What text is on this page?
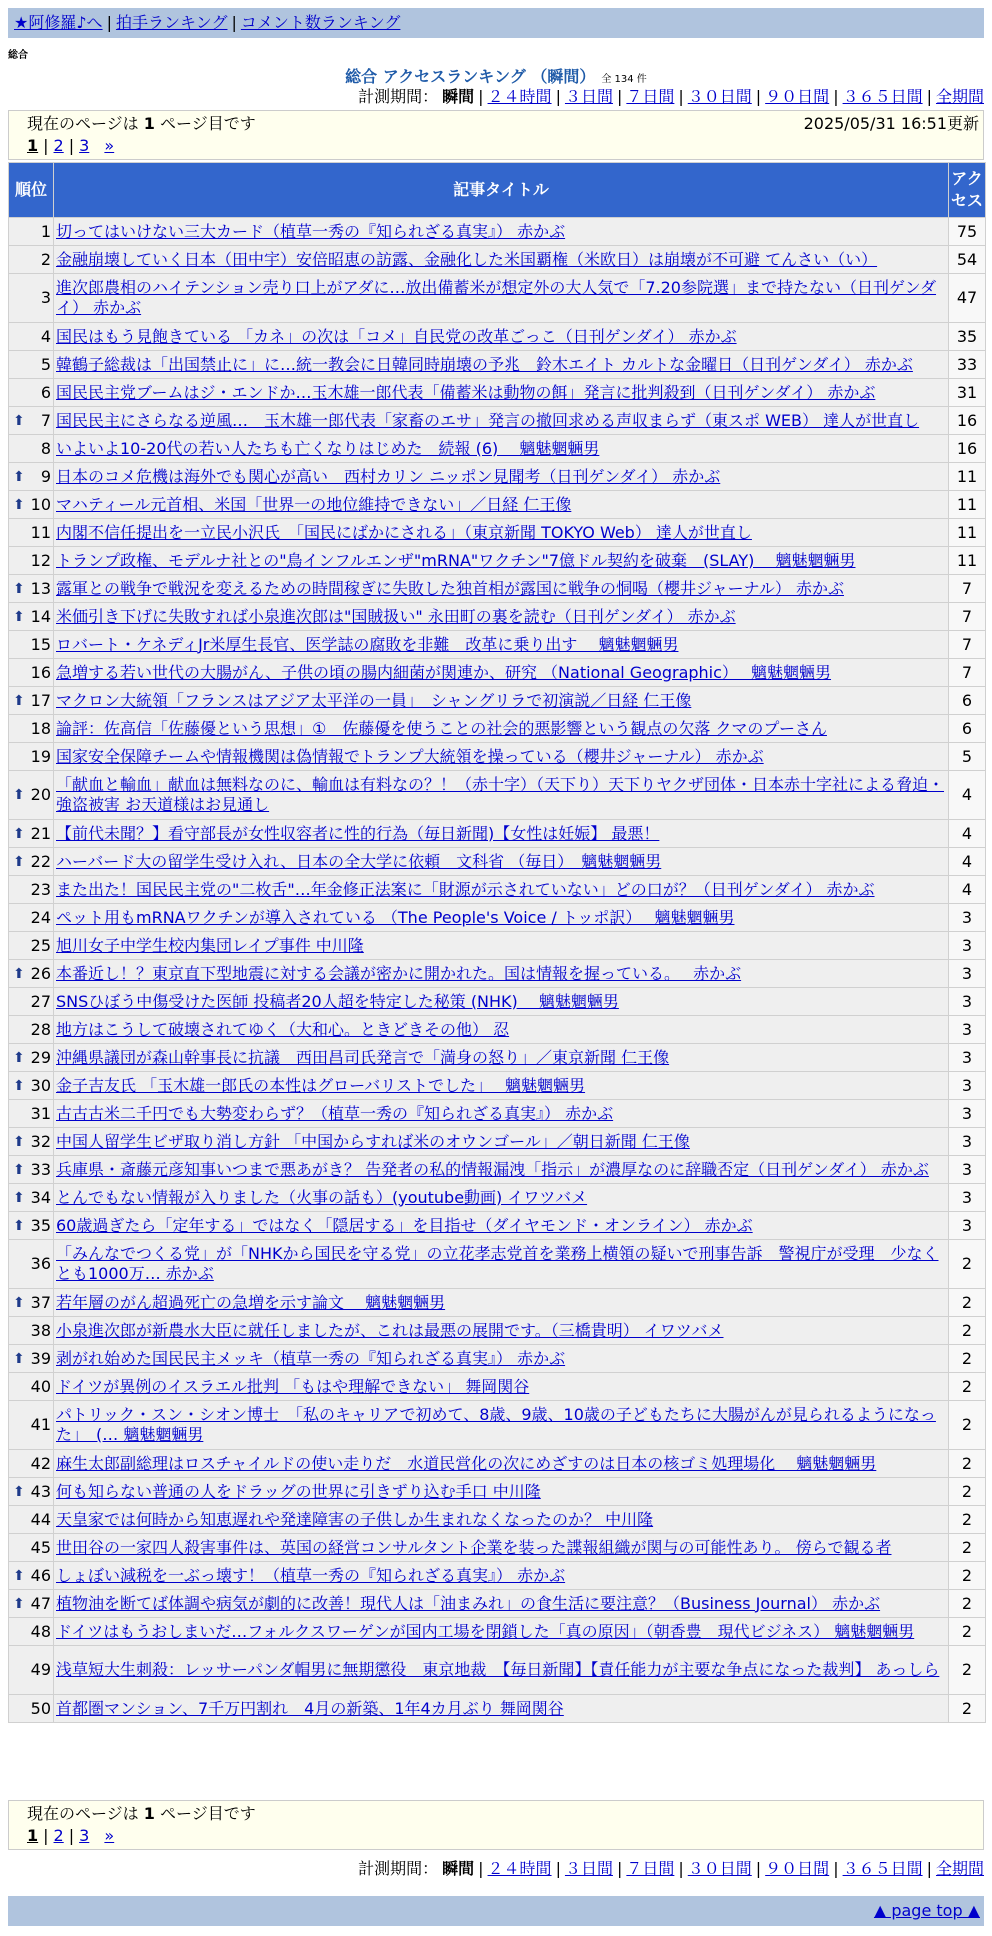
★阿修羅♪へ | 拍手ランキング | コメント数ランキング
総合
総合 アクセスランキング （瞬間） 全 134 件
計測期間： 瞬間 | ２４時間 | ３日間 | ７日間 | ３０日間 | ９０日間 | ３６５日間 | 全期間
現在のページは 1 ページ目です	2025/05/31 16:51更新
1 | 2 | 3 »
順位	記事タイトル	アクセス
1	切ってはいけない三大カード（植草一秀の『知られざる真実』） 赤かぶ	75
2	金融崩壊していく日本（田中宇）安倍昭恵の訪露、金融化した米国覇権（米欧日）は崩壊が不可避 てんさい（い）	54
3	進次郎農相のハイテンション売り口上がアダに…放出備蓄米が想定外の大人気で「7.20参院選」まで持たない（日刊ゲンダイ） 赤かぶ	47
4	国民はもう見飽きている 「カネ」の次は「コメ」自民党の改革ごっこ（日刊ゲンダイ） 赤かぶ	35
5	韓鶴子総裁は「出国禁止に」に…統一教会に日韓同時崩壊の予兆　鈴木エイト カルトな金曜日（日刊ゲンダイ） 赤かぶ	33
6	国民民主党ブームはジ・エンドか…玉木雄一郎代表「備蓄米は動物の餌」発言に批判殺到（日刊ゲンダイ） 赤かぶ	31

⬆ 7	国民民主にさらなる逆風…　玉木雄一郎代表「家畜のエサ」発言の撤回求める声収まらず（東スポ WEB） 達人が世直し	16
8	いよいよ10-20代の若い人たちも亡くなりはじめた　続報 (6)　 魑魅魍魎男	16

⬆ 9	日本のコメ危機は海外でも関心が高い　西村カリン ニッポン見聞考（日刊ゲンダイ） 赤かぶ	11

⬆ 10	マハティール元首相、米国「世界一の地位維持できない」／日経 仁王像	11
11	内閣不信任提出を一立民小沢氏　「国民にばかにされる」（東京新聞 TOKYO Web） 達人が世直し	11
12	トランプ政権、モデルナ社との"鳥インフルエンザ"mRNA"ワクチン"7億ドル契約を破棄　(SLAY)　 魑魅魍魎男	11

⬆ 13	露軍との戦争で戦況を変えるための時間稼ぎに失敗した独首相が露国に戦争の恫喝（櫻井ジャーナル） 赤かぶ	7

⬆ 14	米価引き下げに失敗すれば小泉進次郎は"国賊扱い" 永田町の裏を読む（日刊ゲンダイ） 赤かぶ	7
15	ロバート・ケネディJr米厚生長官、医学誌の腐敗を非難　改革に乗り出す　 魑魅魍魎男	7
16	急増する若い世代の大腸がん、子供の頃の腸内細菌が関連か、研究 （National Geographic）　 魑魅魍魎男	7

⬆ 17	マクロン大統領「フランスはアジア太平洋の一員」　シャングリラで初演説／日経 仁王像	6
18	論評：佐高信「佐藤優という思想」①　佐藤優を使うことの社会的悪影響という観点の欠落 クマのプーさん	6
19	国家安全保障チームや情報機関は偽情報でトランプ大統領を操っている（櫻井ジャーナル） 赤かぶ	5

⬆ 20	「献血と輸血」献血は無料なのに、輸血は有料なの？！（赤十字）（天下り）天下りヤクザ団体・日本赤十字社による脅迫・強盗被害 お天道様はお見通し	4

⬆ 21	【前代未聞？】看守部長が女性収容者に性的行為（毎日新聞)【女性は妊娠】 最悪！	4

⬆ 22	ハーバード大の留学生受け入れ、日本の全大学に依頼　文科省 （毎日）　魑魅魍魎男	4
23	また出た！国民民主党の"二枚舌"…年金修正法案に「財源が示されていない」どの口が？（日刊ゲンダイ） 赤かぶ	4
24	ペット用もmRNAワクチンが導入されている （The People's Voice / トッポ訳）　 魑魅魍魎男	3
25	旭川女子中学生校内集団レイプ事件 中川隆	3

⬆ 26	本番近し！？東京直下型地震に対する会議が密かに開かれた。国は情報を握っている。　 赤かぶ	3
27	SNSひぼう中傷受けた医師 投稿者20人超を特定した秘策 (NHK)　 魑魅魍魎男	3
28	地方はこうして破壊されてゆく（大和心。ときどきその他） 忍	3

⬆ 29	沖縄県議団が森山幹事長に抗議　西田昌司氏発言で「満身の怒り」／東京新聞 仁王像	3

⬆ 30	金子吉友氏 「玉木雄一郎氏の本性はグローバリストでした」　 魑魅魍魎男	3
31	古古古米二千円でも大勢変わらず？（植草一秀の『知られざる真実』） 赤かぶ	3

⬆ 32	中国人留学生ビザ取り消し方針 「中国からすれば米のオウンゴール」／朝日新聞 仁王像	3

⬆ 33	兵庫県・斎藤元彦知事いつまで悪あがき？ 告発者の私的情報漏洩「指示」が濃厚なのに辞職否定（日刊ゲンダイ） 赤かぶ	3

⬆ 34	とんでもない情報が入りました（火事の話も）(youtube動画) イワツバメ	3

⬆ 35	60歳過ぎたら「定年する」ではなく「隠居する」を目指せ（ダイヤモンド・オンライン） 赤かぶ	3
36	「みんなでつくる党」が「NHKから国民を守る党」の立花孝志党首を業務上横領の疑いで刑事告訴　警視庁が受理　少なくとも1000万… 赤かぶ	2

⬆ 37	若年層のがん超過死亡の急増を示す論文　 魑魅魍魎男	2
38	小泉進次郎が新農水大臣に就任しましたが、これは最悪の展開です。（三橋貴明） イワツバメ	2

⬆ 39	剥がれ始めた国民民主メッキ（植草一秀の『知られざる真実』） 赤かぶ	2
40	ドイツが異例のイスラエル批判 「もはや理解できない」 舞岡関谷	2
41	パトリック・スン・シオン博士　「私のキャリアで初めて、8歳、9歳、10歳の子どもたちに大腸がんが見られるようになった」　(… 魑魅魍魎男	2
42	麻生太郎副総理はロスチャイルドの使い走りだ　水道民営化の次にめざすのは日本の核ゴミ処理場化　 魑魅魍魎男	2

⬆ 43	何も知らない普通の人をドラッグの世界に引きずり込む手口 中川隆	2
44	天皇家では何時から知恵遅れや発達障害の子供しか生まれなくなったのか？ 中川隆	2
45	世田谷の一家四人殺害事件は、英国の経営コンサルタント企業を装った諜報組織が関与の可能性あり。 傍らで観る者	2

⬆ 46	しょぼい減税を一ぶっ壊す！（植草一秀の『知られざる真実』） 赤かぶ	2

⬆ 47	植物油を断てば体調や病気が劇的に改善！現代人は「油まみれ」の食生活に要注意？（Business Journal） 赤かぶ	2
48	ドイツはもうおしまいだ…フォルクスワーゲンが国内工場を閉鎖した「真の原因」（朝香豊　現代ビジネス） 魑魅魍魎男	2
49	浅草短大生刺殺：レッサーパンダ帽男に無期懲役　東京地裁　【毎日新聞】【責任能力が主要な争点になった裁判】 あっしら	2
50	首都圏マンション、7千万円割れ　4月の新築、1年4カ月ぶり 舞岡関谷	2
現在のページは 1 ページ目です
1 | 2 | 3 »
計測期間： 瞬間 | ２４時間 | ３日間 | ７日間 | ３０日間 | ９０日間 | ３６５日間 | 全期間
▲ page top ▲
